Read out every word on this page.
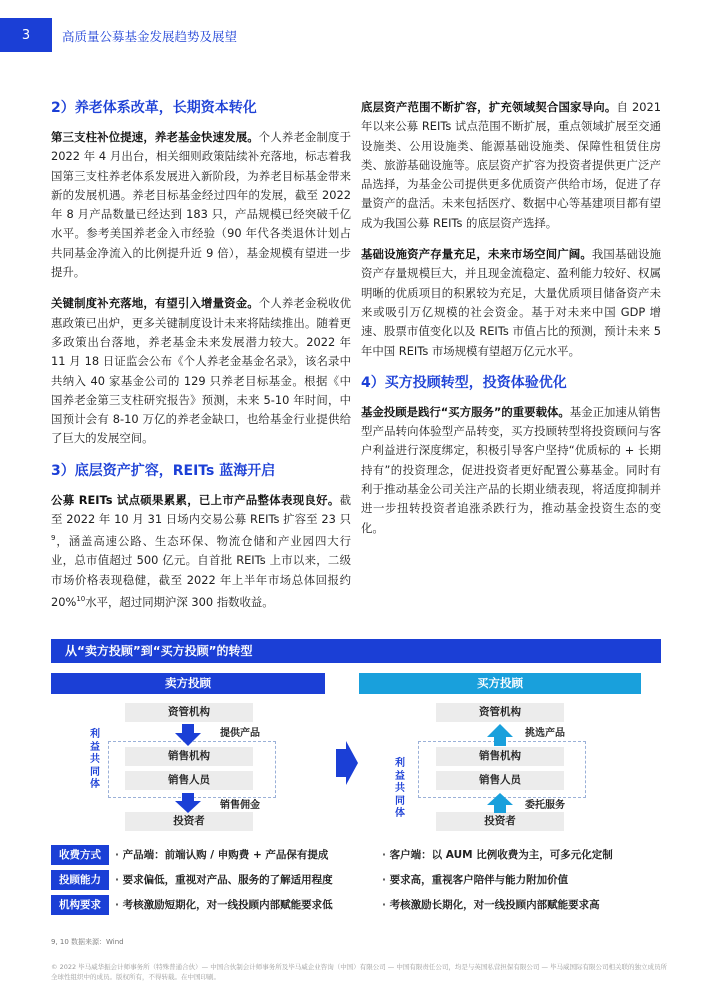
3	高质量公募基金发展趋势及展望
2）养老体系改革，长期资本转化

第三支柱补位提速，养老基金快速发展。个人养老金制度于 2022 年 4 月出台，相关细则政策陆续补充落地，标志着我国第三支柱养老体系发展进入新阶段，为养老目标基金带来新的发展机遇。养老目标基金经过四年的发展，截至 2022 年 8 月产品数量已经达到 183 只，产品规模已经突破千亿水平。参考美国养老金入市经验（90 年代各类退休计划占共同基金净流入的比例提升近 9 倍），基金规模有望进一步提升。

关键制度补充落地，有望引入增量资金。个人养老金税收优惠政策已出炉，更多关键制度设计未来将陆续推出。随着更多政策出台落地，养老基金未来发展潜力较大。2022 年 11 月 18 日证监会公布《个人养老金基金名录》，该名录中共纳入 40 家基金公司的 129 只养老目标基金。根据《中国养老金第三支柱研究报告》预测，未来 5-10 年时间，中国预计会有 8-10 万亿的养老金缺口，也给基金行业提供给了巨大的发展空间。

3）底层资产扩容，REITs 蓝海开启

公募 REITs 试点硕果累累，已上市产品整体表现良好。截至 2022 年 10 月 31 日场内交易公募 REITs 扩容至 23 只$^9$，涵盖高速公路、生态环保、物流仓储和产业园四大行业，总市值超过 500 亿元。自首批 REITs 上市以来，二级市场价格表现稳健，截至 2022 年上半年市场总体回报约 20%$^{10}$水平，超过同期沪深 300 指数收益。

底层资产范围不断扩容，扩充领域契合国家导向。自 2021 年以来公募 REITs 试点范围不断扩展，重点领域扩展至交通设施类、公用设施类、能源基础设施类、保障性租赁住房类、旅游基础设施等。底层资产扩容为投资者提供更广泛产品选择，为基金公司提供更多优质资产供给市场，促进了存量资产的盘活。未来包括医疗、数据中心等基建项目都有望成为我国公募 REITs 的底层资产选择。

基础设施资产存量充足，未来市场空间广阔。我国基础设施资产存量规模巨大，并且现金流稳定、盈利能力较好、权属明晰的优质项目的积累较为充足，大量优质项目储备资产未来或吸引万亿规模的社会资金。基于对未来中国 GDP 增速、股票市值变化以及 REITs 市值占比的预测，预计未来 5 年中国 REITs 市场规模有望超万亿元水平。

4）买方投顾转型，投资体验优化

基金投顾是践行“买方服务”的重要载体。基金正加速从销售型产品转向体验型产品转变，买方投顾转型将投资顾问与客户利益进行深度绑定，积极引导客户坚持“优质标的 + 长期持有”的投资理念，促进投资者更好配置公募基金。同时有利于推动基金公司关注产品的长期业绩表现，将适度抑制并进一步扭转投资者追涨杀跌行为，推动基金投资生态的变化。

从“卖方投顾”到“买方投顾”的转型
卖方投顾	买方投顾
资管机构
销售机构
销售人员
投资者
提供产品
销售佣金
利
益
共
同
体
资管机构
销售机构
销售人员
投资者
挑选产品
委托服务
利
益
共
同
体
收费方式	· 产品端：前端认购 / 申购费 + 产品保有提成	· 客户端：以 AUM 比例收费为主，可多元化定制
投顾能力	· 要求偏低，重视对产品、服务的了解适用程度	· 要求高，重视客户陪伴与能力附加价值
机构要求	· 考核激励短期化，对一线投顾内部赋能要求低	· 考核激励长期化，对一线投顾内部赋能要求高
9, 10 数据来源：Wind
© 2022 毕马威华振会计师事务所（特殊普通合伙）— 中国合伙制会计师事务所及毕马威企业咨询（中国）有限公司 — 中国有限责任公司，均是与英国私营担保有限公司 — 毕马威国际有限公司相关联的独立成员所全球性组织中的成员。版权所有，不得转载。在中国印刷。
